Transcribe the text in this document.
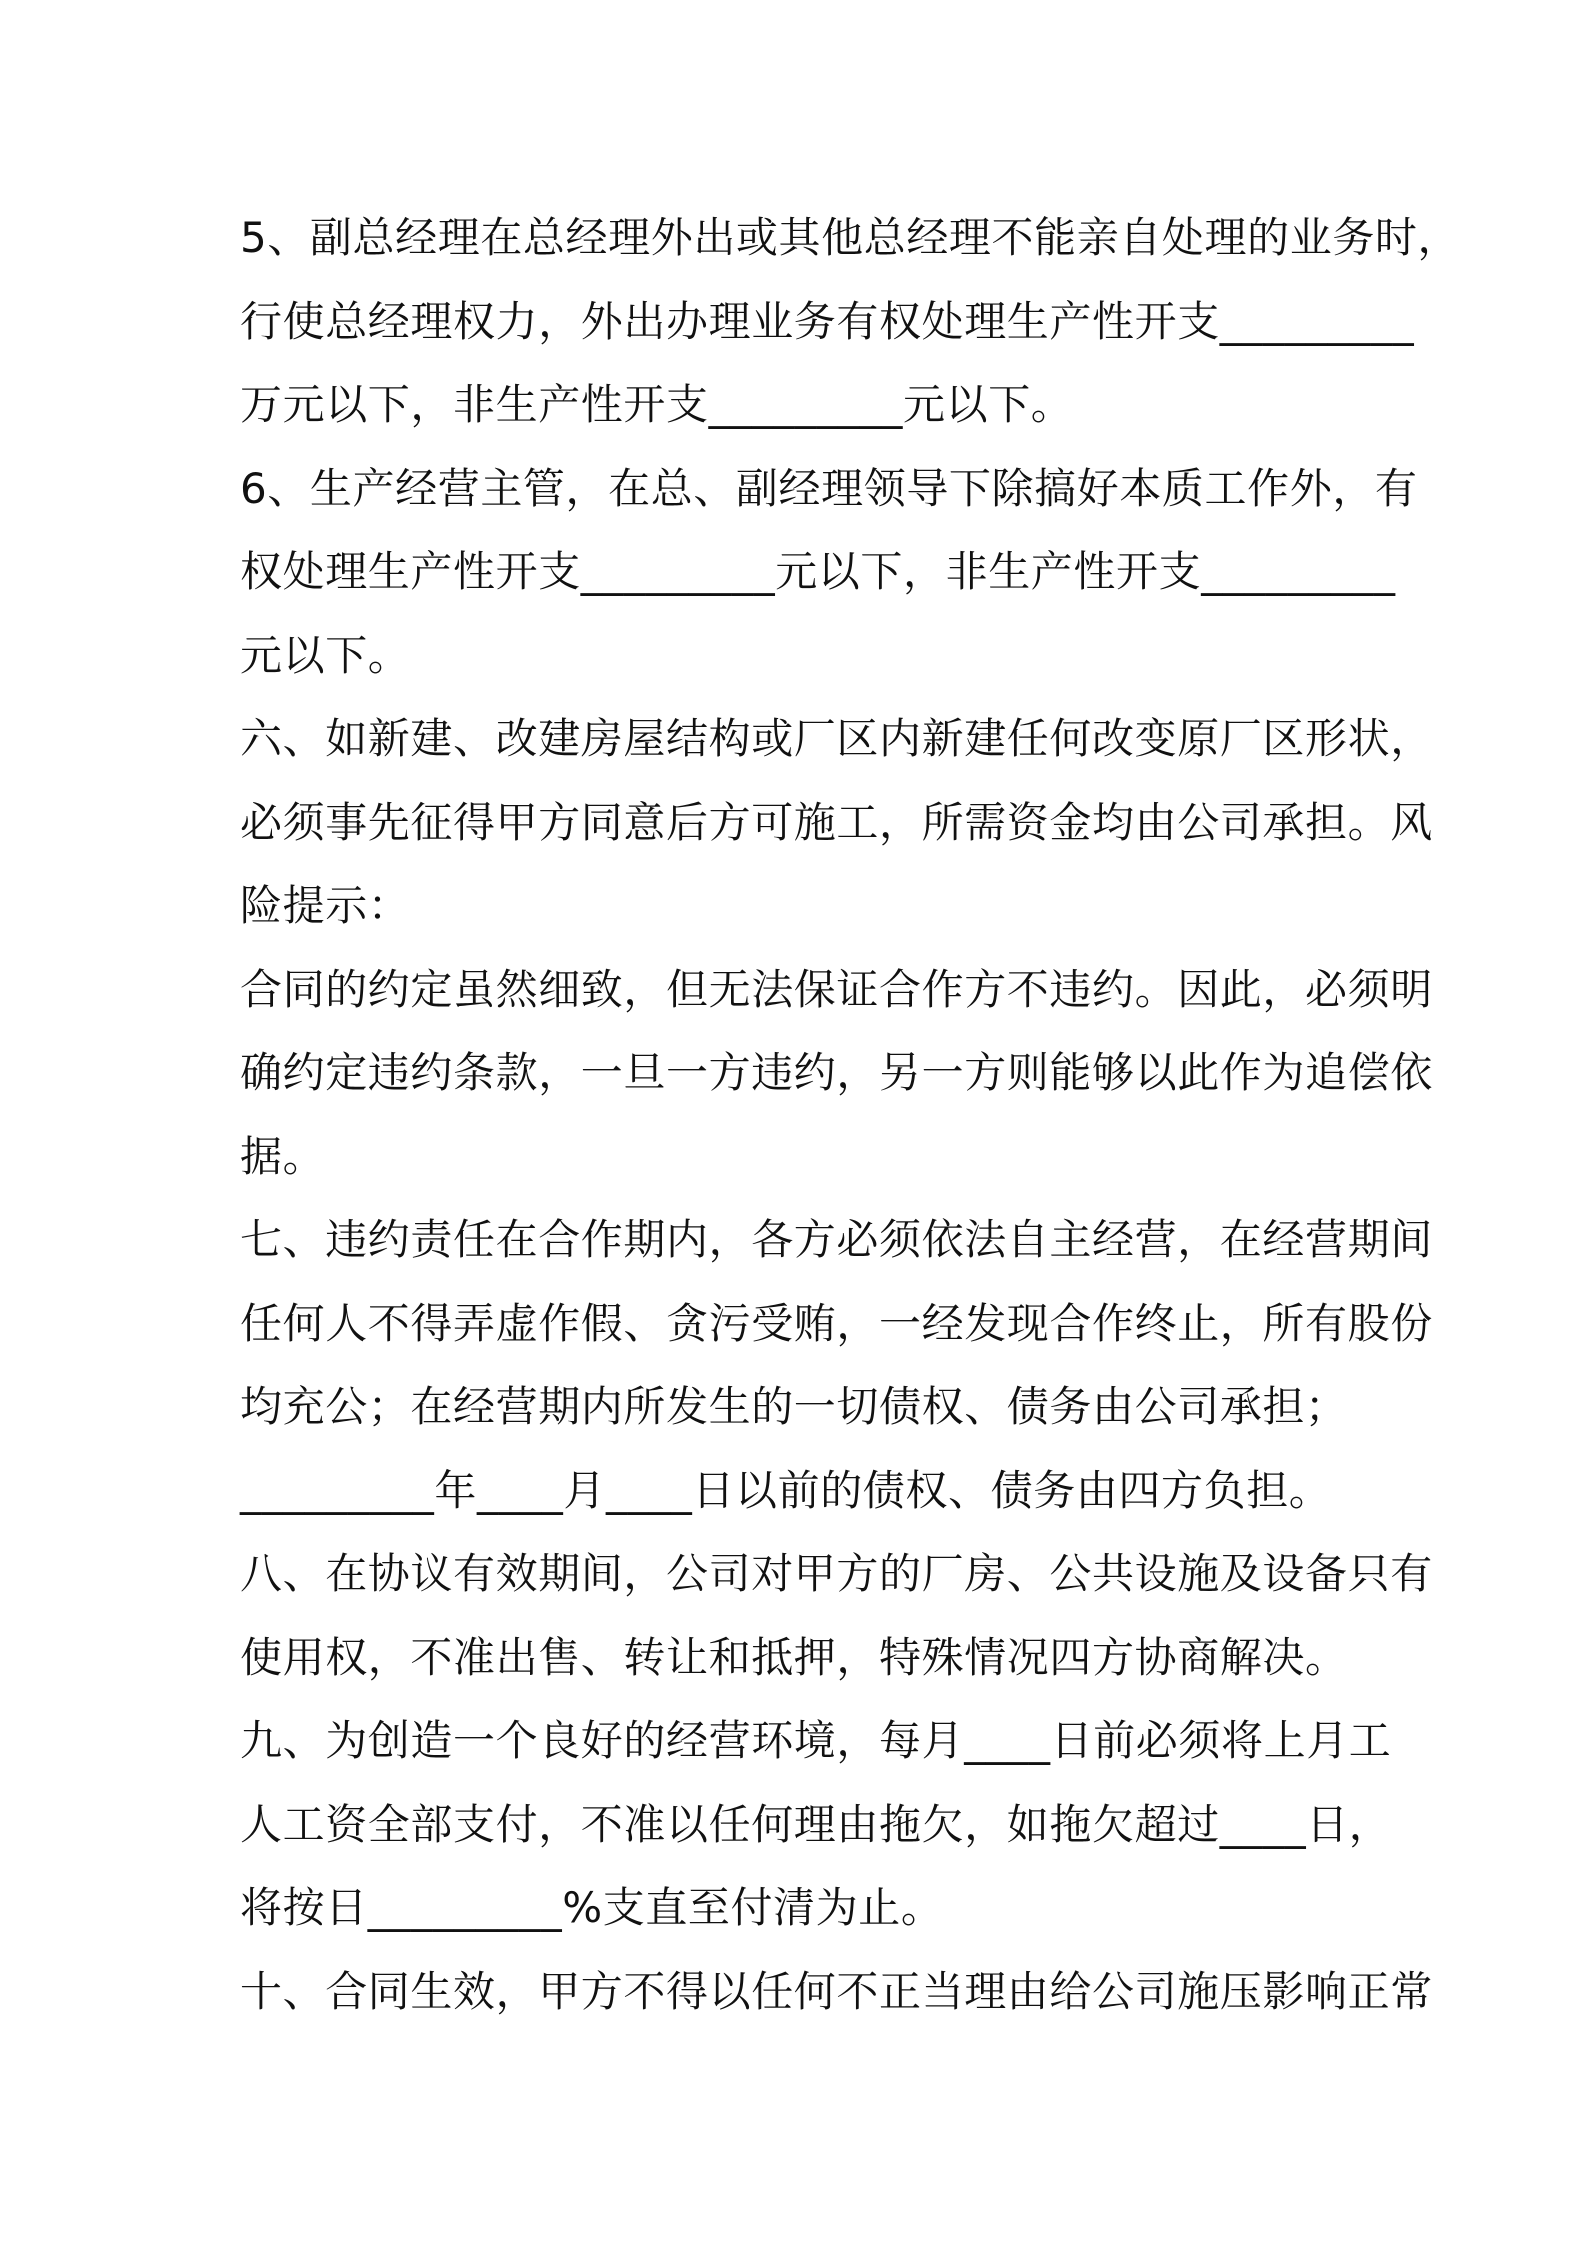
5、副总经理在总经理外出或其他总经理不能亲自处理的业务时，
行使总经理权力，外出办理业务有权处理生产性开支_________
万元以下，非生产性开支_________元以下。
6、生产经营主管，在总、副经理领导下除搞好本质工作外，有
权处理生产性开支_________元以下，非生产性开支_________
元以下。
六、如新建、改建房屋结构或厂区内新建任何改变原厂区形状，
必须事先征得甲方同意后方可施工，所需资金均由公司承担。风
险提示：
合同的约定虽然细致，但无法保证合作方不违约。因此，必须明
确约定违约条款，一旦一方违约，另一方则能够以此作为追偿依
据。
七、违约责任在合作期内，各方必须依法自主经营，在经营期间
任何人不得弄虚作假、贪污受贿，一经发现合作终止，所有股份
均充公；在经营期内所发生的一切债权、债务由公司承担；
_________年____月____日以前的债权、债务由四方负担。
八、在协议有效期间，公司对甲方的厂房、公共设施及设备只有
使用权，不准出售、转让和抵押，特殊情况四方协商解决。
九、为创造一个良好的经营环境，每月____日前必须将上月工
人工资全部支付，不准以任何理由拖欠，如拖欠超过____日，
将按日_________%支直至付清为止。
十、合同生效，甲方不得以任何不正当理由给公司施压影响正常
